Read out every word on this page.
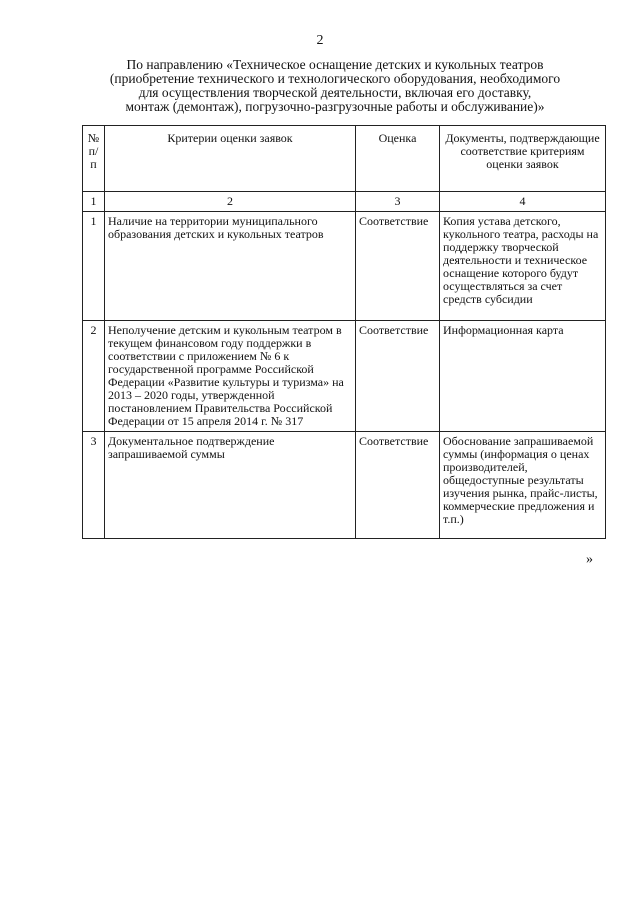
2
По направлению «Техническое оснащение детских и кукольных театров
(приобретение технического и технологического оборудования, необходимого
для осуществления творческой деятельности, включая его доставку,
монтаж (демонтаж), погрузочно-разгрузочные работы и обслуживание)»
№ п/п	Критерии оценки заявок	Оценка	Документы, подтверждающие соответствие критериям оценки заявок
1	2	3	4
1	Наличие на территории муниципального образования детских и кукольных театров	Соответствие	Копия устава детского, кукольного театра, расходы на поддержку творческой деятельности и техническое оснащение которого будут осуществляться за счет средств субсидии
2	Неполучение детским и кукольным театром в текущем финансовом году поддержки в соответствии с приложением № 6 к государственной программе Российской Федерации «Развитие культуры и туризма» на 2013 – 2020 годы, утвержденной постановлением Правительства Российской Федерации от 15 апреля 2014 г. № 317	Соответствие	Информационная карта
3	Документальное подтверждение запрашиваемой суммы	Соответствие	Обоснование запрашиваемой суммы (информация о ценах производителей, общедоступные результаты изучения рынка, прайс-листы, коммерческие предложения и т.п.)
»
